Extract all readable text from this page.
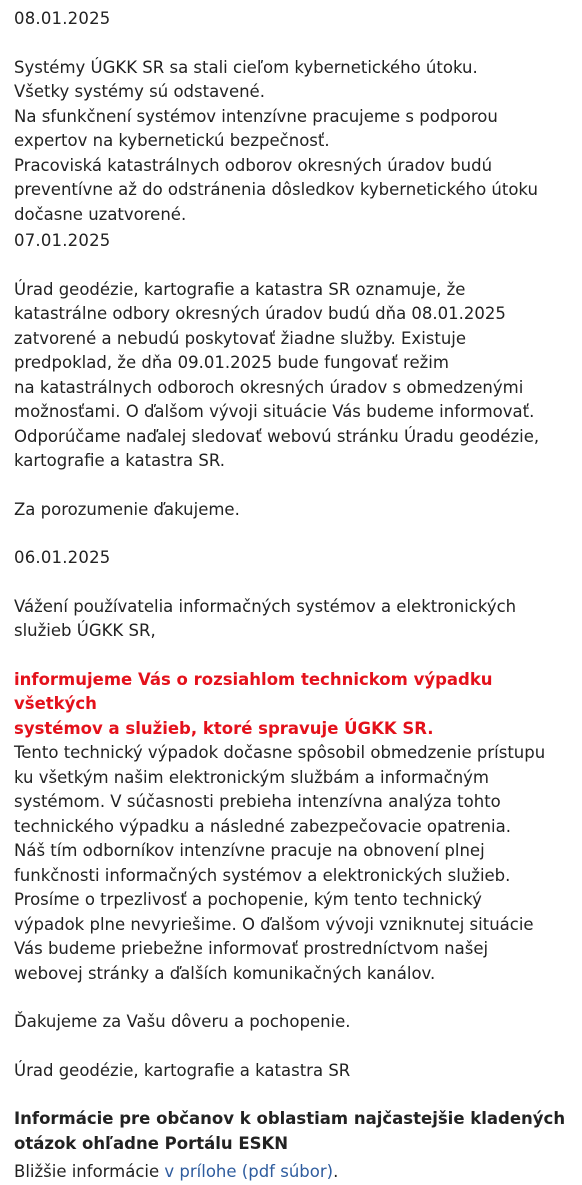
08.01.2025

Systémy ÚGKK SR sa stali cieľom kybernetického útoku.
Všetky systémy sú odstavené.
Na sfunkčnení systémov intenzívne pracujeme s podporou
expertov na kybernetickú bezpečnosť.
Pracoviská katastrálnych odborov okresných úradov budú
preventívne až do odstránenia dôsledkov kybernetického útoku
dočasne uzatvorené.

07.01.2025

Úrad geodézie, kartografie a katastra SR oznamuje, že
katastrálne odbory okresných úradov budú dňa 08.01.2025
zatvorené a nebudú poskytovať žiadne služby. Existuje
predpoklad, že dňa 09.01.2025 bude fungovať režim
na katastrálnych odboroch okresných úradov s obmedzenými
možnosťami. O ďalšom vývoji situácie Vás budeme informovať.
Odporúčame naďalej sledovať webovú stránku Úradu geodézie,
kartografie a katastra SR.

Za porozumenie ďakujeme.

06.01.2025

Vážení používatelia informačných systémov a elektronických
služieb ÚGKK SR,

informujeme Vás o rozsiahlom technickom výpadku všetkých
systémov a služieb, ktoré spravuje ÚGKK SR.

Tento technický výpadok dočasne spôsobil obmedzenie prístupu
ku všetkým našim elektronickým službám a informačným
systémom. V súčasnosti prebieha intenzívna analýza tohto
technického výpadku a následné zabezpečovacie opatrenia.
Náš tím odborníkov intenzívne pracuje na obnovení plnej
funkčnosti informačných systémov a elektronických služieb.
Prosíme o trpezlivosť a pochopenie, kým tento technický
výpadok plne nevyriešime. O ďalšom vývoji vzniknutej situácie
Vás budeme priebežne informovať prostredníctvom našej
webovej stránky a ďalších komunikačných kanálov.

Ďakujeme za Vašu dôveru a pochopenie.

Úrad geodézie, kartografie a katastra SR

Informácie pre občanov k oblastiam najčastejšie kladených
otázok ohľadne Portálu ESKN

Bližšie informácie v prílohe (pdf súbor).
